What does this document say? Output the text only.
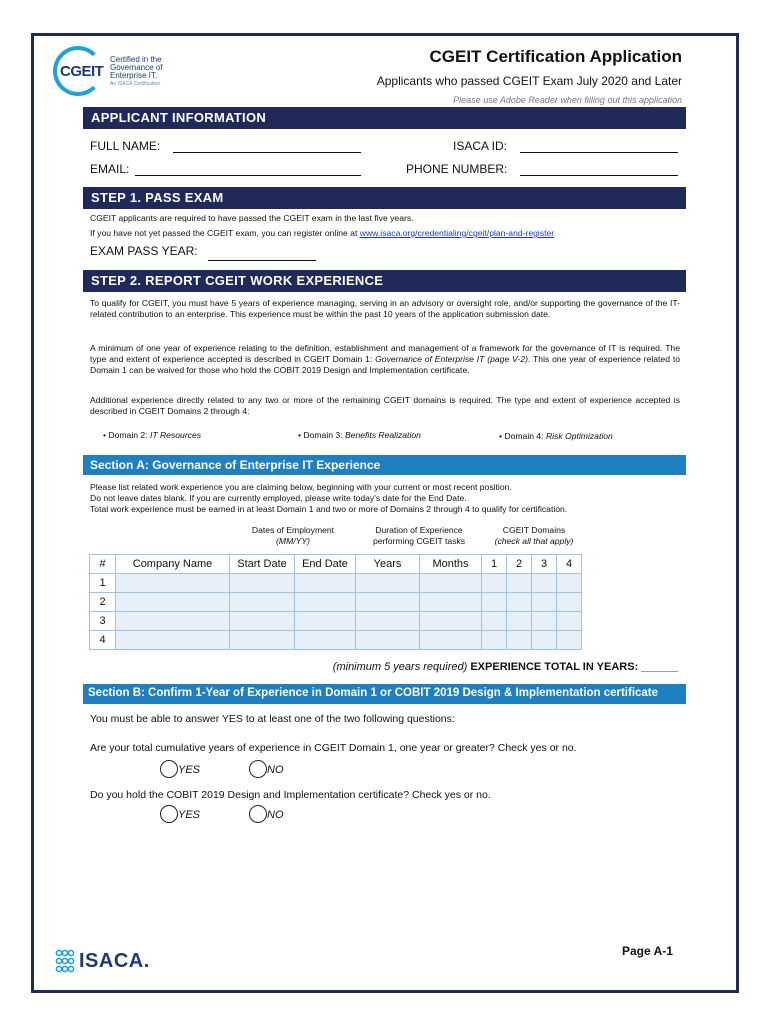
CGEIT
Certified in the
Governance of
Enterprise IT.
An ISACA Certification
CGEIT Certification Application
Applicants who passed CGEIT Exam July 2020 and Later
Please use Adobe Reader when filling out this application
APPLICANT INFORMATION
FULL NAME:	ISACA ID:
EMAIL:	PHONE NUMBER:
STEP 1. PASS EXAM
CGEIT applicants are required to have passed the CGEIT exam in the last five years.
If you have not yet passed the CGEIT exam, you can register online at www.isaca.org/credentialing/cgeit/plan-and-register
EXAM PASS YEAR:
STEP 2. REPORT CGEIT WORK EXPERIENCE
To qualify for CGEIT, you must have 5 years of experience managing, serving in an advisory or oversight role, and/or supporting the governance of the IT-related contribution to an enterprise. This experience must be within the past 10 years of the application submission date.
A minimum of one year of experience relating to the definition, establishment and management of a framework for the governance of IT is required. The type and extent of experience accepted is described in CGEIT Domain 1: Governance of Enterprise IT (page V-2). This one year of experience related to Domain 1 can be waived for those who hold the COBIT 2019 Design and Implementation certificate.
Additional experience directly related to any two or more of the remaining CGEIT domains is required. The type and extent of experience accepted is described in CGEIT Domains 2 through 4:
• Domain 2: IT Resources	• Domain 3: Benefits Realization	• Domain 4: Risk Optimization
Section A: Governance of Enterprise IT Experience
Please list related work experience you are claiming below, beginning with your current or most recent position.
Do not leave dates blank. If you are currently employed, please write today's date for the End Date.
Total work experience must be earned in at least Domain 1 and two or more of Domains 2 through 4 to qualify for certification.
Dates of Employment
(MM/YY)
Duration of Experience
performing CGEIT tasks
CGEIT Domains
(check all that apply)
#	Company Name	Start Date	End Date	Years	Months	1	2	3	4
1									
2									
3									
4									
(minimum 5 years required) EXPERIENCE TOTAL IN YEARS: ______
Section B: Confirm 1-Year of Experience in Domain 1 or COBIT 2019 Design & Implementation certificate
You must be able to answer YES to at least one of the two following questions:
Are your total cumulative years of experience in CGEIT Domain 1, one year or greater? Check yes or no.
YES	NO
Do you hold the COBIT 2019 Design and Implementation certificate? Check yes or no.
YES	NO
ISACA.	Page A-1
